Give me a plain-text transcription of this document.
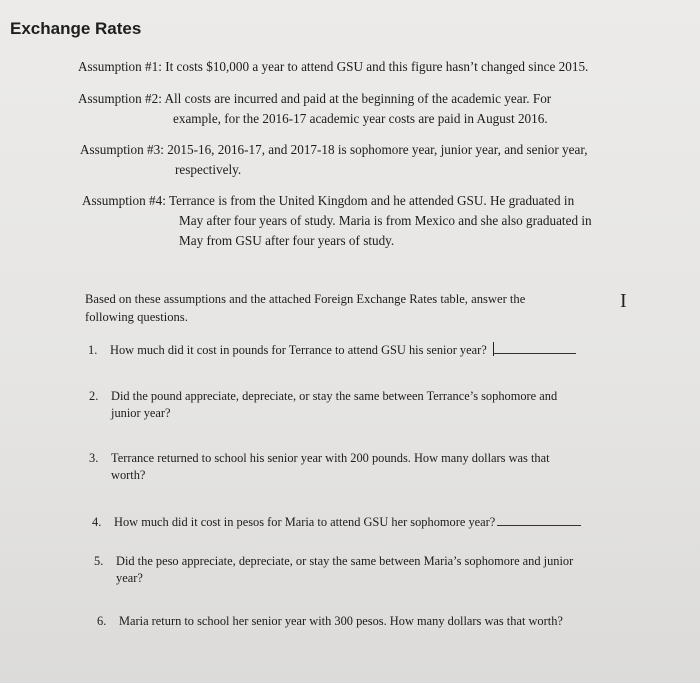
Exchange Rates
Assumption #1: It costs $10,000 a year to attend GSU and this figure hasn’t changed since 2015.
Assumption #2: All costs are incurred and paid at the beginning of the academic year. For
example, for the 2016-17 academic year costs are paid in August 2016.
Assumption #3: 2015-16, 2016-17, and 2017-18 is sophomore year, junior year, and senior year,
respectively.
Assumption #4: Terrance is from the United Kingdom and he attended GSU. He graduated in
May after four years of study. Maria is from Mexico and she also graduated in
May from GSU after four years of study.
Based on these assumptions and the attached Foreign Exchange Rates table, answer the
following questions.
I
1. How much did it cost in pounds for Terrance to attend GSU his senior year?
2. Did the pound appreciate, depreciate, or stay the same between Terrance’s sophomore and
junior year?
3. Terrance returned to school his senior year with 200 pounds. How many dollars was that
worth?
4. How much did it cost in pesos for Maria to attend GSU her sophomore year?
5. Did the peso appreciate, depreciate, or stay the same between Maria’s sophomore and junior
year?
6. Maria return to school her senior year with 300 pesos. How many dollars was that worth?
